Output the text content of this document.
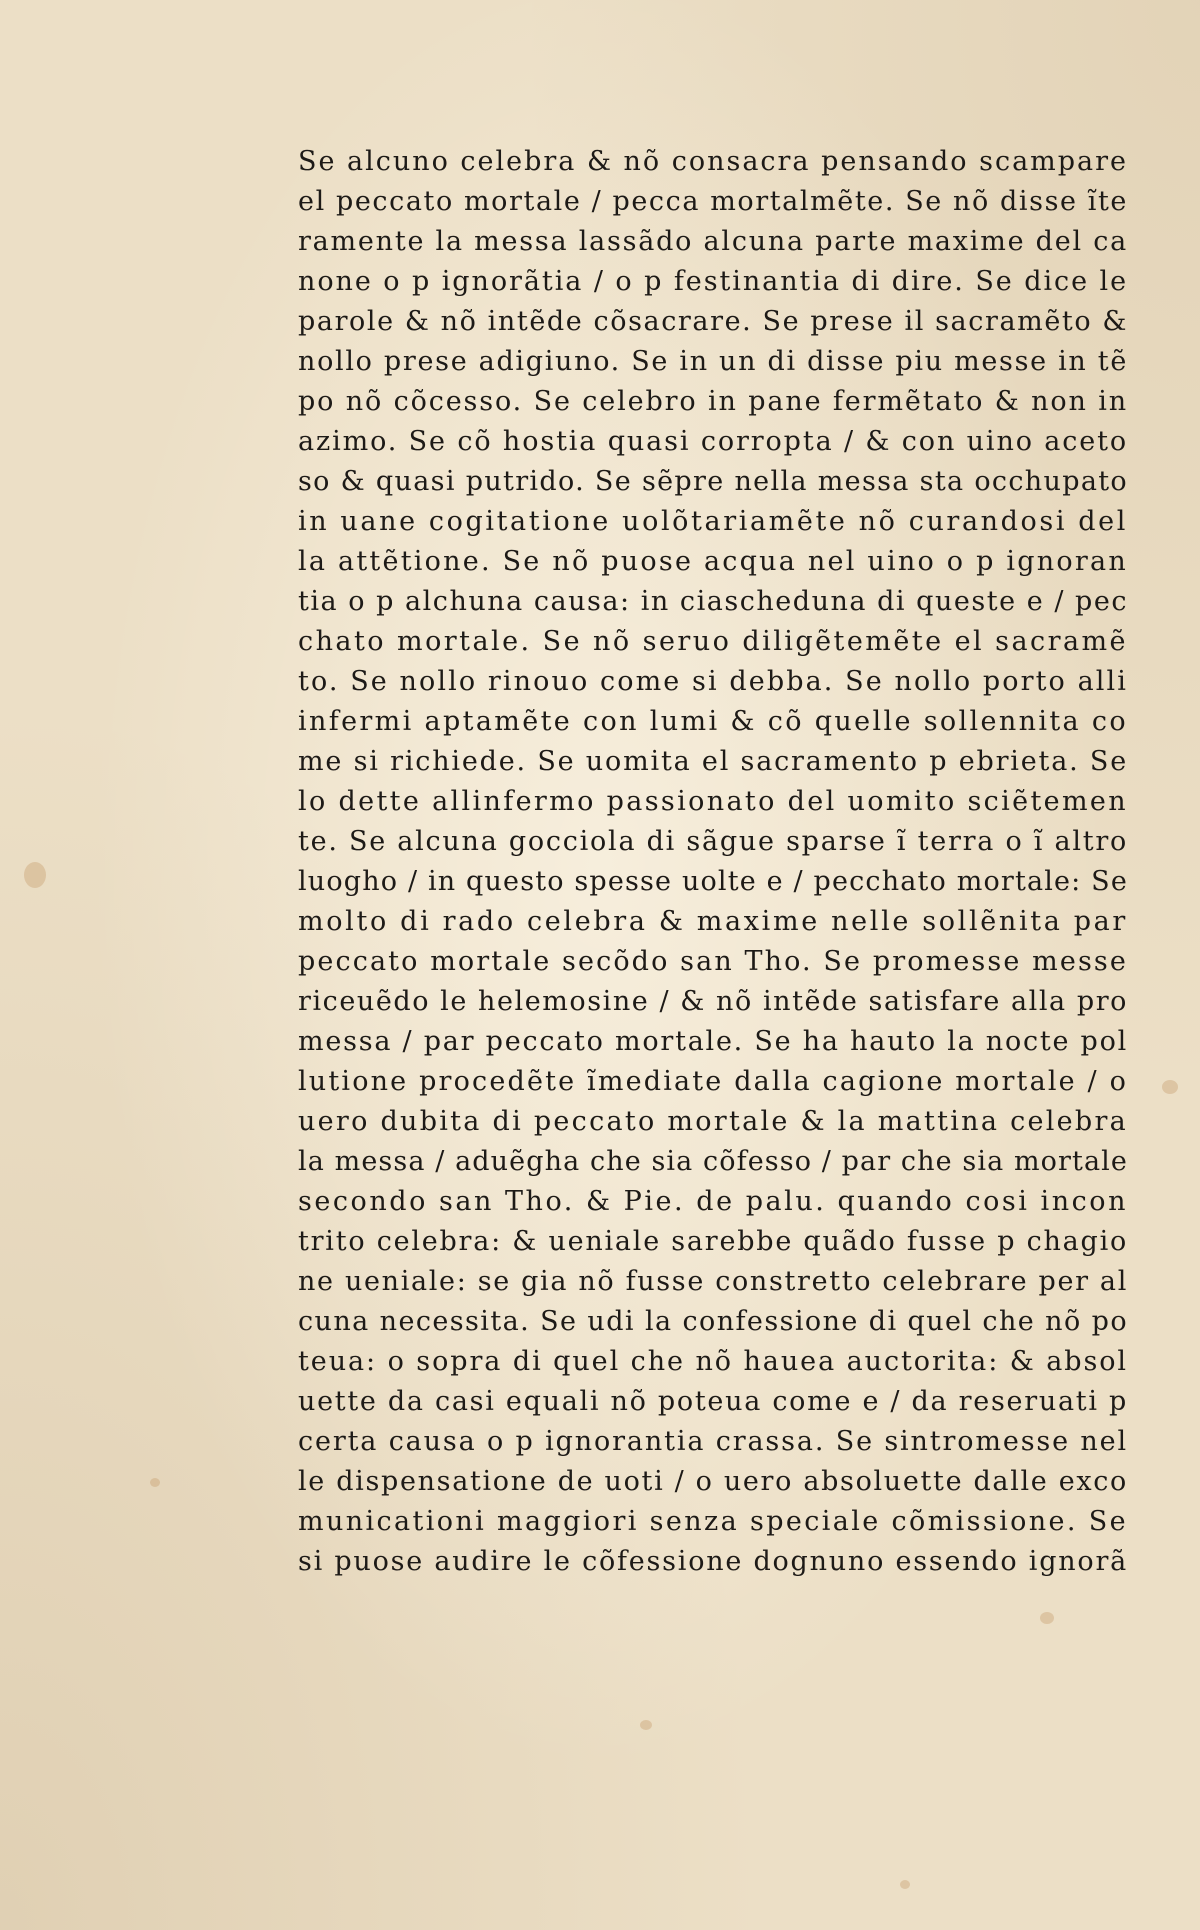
Se alcuno celebra & nõ consacra pensando scampare
el peccato mortale / pecca mortalmẽte. Se nõ disse ĩte
ramente la messa lassãdo alcuna parte maxime del ca
none o p ignorãtia / o p festinantia di dire. Se dice le
parole & nõ intẽde cõsacrare. Se prese il sacramẽto &
nollo prese adigiuno. Se in un di disse piu messe in tẽ
po nõ cõcesso. Se celebro in pane fermẽtato & non in
azimo. Se cõ hostia quasi corropta / & con uino aceto
so & quasi putrido. Se sẽpre nella messa sta occhupato
in uane cogitatione uolõtariamẽte nõ curandosi del
la attẽtione. Se nõ puose acqua nel uino o p ignoran
tia o p alchuna causa: in ciascheduna di queste e / pec
chato mortale. Se nõ seruo diligẽtemẽte el sacramẽ
to. Se nollo rinouo come si debba. Se nollo porto alli
infermi aptamẽte con lumi & cõ quelle sollennita co
me si richiede. Se uomita el sacramento p ebrieta. Se
lo dette allinfermo passionato del uomito sciẽtemen
te. Se alcuna gocciola di sãgue sparse ĩ terra o ĩ altro
luogho / in questo spesse uolte e / pecchato mortale: Se
molto di rado celebra & maxime nelle sollẽnita par
peccato mortale secõdo san Tho. Se promesse messe
riceuẽdo le helemosine / & nõ intẽde satisfare alla pro
messa / par peccato mortale. Se ha hauto la nocte pol
lutione procedẽte ĩmediate dalla cagione mortale / o
uero dubita di peccato mortale & la mattina celebra
la messa / aduẽgha che sia cõfesso / par che sia mortale
secondo san Tho. & Pie. de palu. quando cosi incon
trito celebra: & ueniale sarebbe quãdo fusse p chagio
ne ueniale: se gia nõ fusse constretto celebrare per al
cuna necessita. Se udi la confessione di quel che nõ po
teua: o sopra di quel che nõ hauea auctorita: & absol
uette da casi equali nõ poteua come e / da reseruati p
certa causa o p ignorantia crassa. Se sintromesse nel
le dispensatione de uoti / o uero absoluette dalle exco
municationi maggiori senza speciale cõmissione. Se
si puose audire le cõfessione dognuno essendo ignorã
